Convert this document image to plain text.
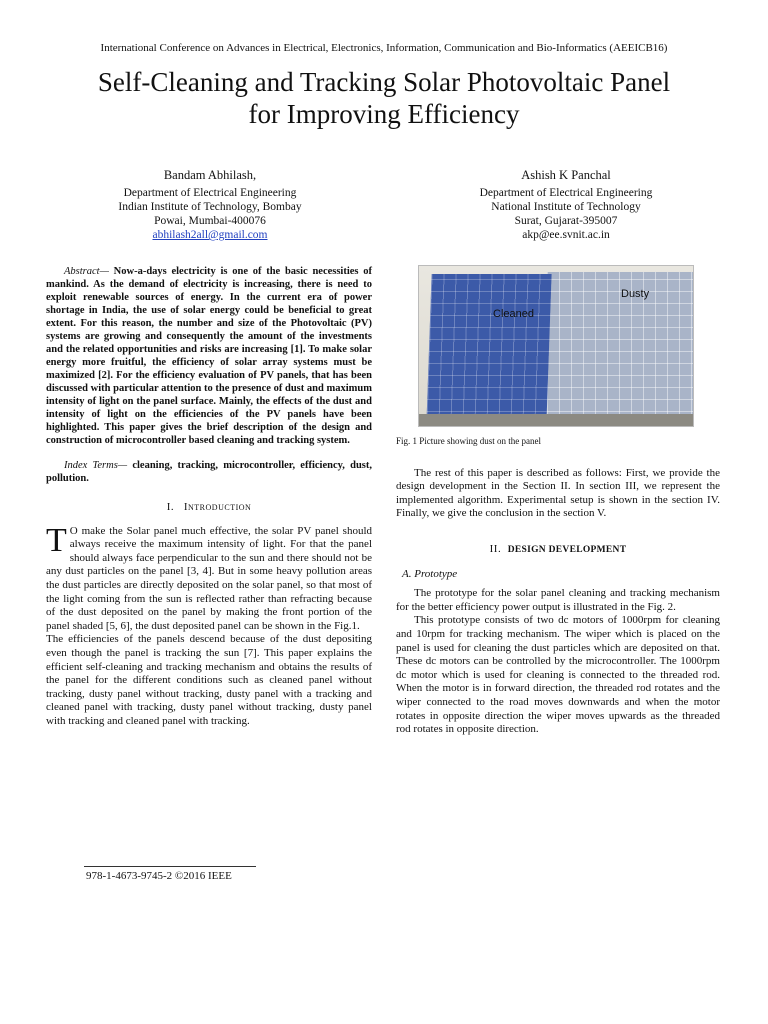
International Conference on Advances in Electrical, Electronics, Information, Communication and Bio-Informatics (AEEICB16)
Self-Cleaning and Tracking Solar Photovoltaic Panel
for Improving Efficiency
Bandam Abhilash,
Department of Electrical Engineering
Indian Institute of Technology, Bombay
Powai, Mumbai-400076
abhilash2all@gmail.com
Ashish K Panchal
Department of Electrical Engineering
National Institute of Technology
Surat, Gujarat-395007
akp@ee.svnit.ac.in

Abstract— Now-a-days electricity is one of the basic necessities of mankind. As the demand of electricity is increasing, there is need to exploit renewable sources of energy. In the current era of power shortage in India, the use of solar energy could be beneficial to great extent. For this reason, the number and size of the Photovoltaic (PV) systems are growing and consequently the amount of the investments and the related opportunities and risks are increasing [1]. To make solar energy more fruitful, the efficiency of solar array systems must be maximized [2]. For the efficiency evaluation of PV panels, that has been discussed with particular attention to the presence of dust and maximum intensity of light on the panel surface. Mainly, the effects of the dust and intensity of light on the efficiencies of the PV panels have been highlighted. This paper gives the brief description of the design and construction of microcontroller based cleaning and tracking system.

Index Terms— cleaning, tracking, microcontroller, efficiency, dust, pollution.

I. Introduction

T O make the Solar panel much effective, the solar PV panel should always receive the maximum intensity of light. For that the panel should always face perpendicular to the sun and there should not be any dust particles on the panel [3, 4]. But in some heavy pollution areas the dust particles are directly deposited on the solar panel, so that most of the light coming from the sun is reflected rather than refracting because of the dust deposited on the panel by making the front portion of the panel shaded [5, 6], the dust deposited panel can be shown in the Fig.1.

The efficiencies of the panels descend because of the dust depositing even though the panel is tracking the sun [7]. This paper explains the efficient self-cleaning and tracking mechanism and obtains the results of the panel for the different conditions such as cleaned panel without tracking, dusty panel without tracking, dusty panel with a tracking and cleaned panel with tracking, dusty panel without tracking, dusty panel with tracking and cleaned panel with tracking.

Cleaned
Dusty

Fig. 1 Picture showing dust on the panel

The rest of this paper is described as follows: First, we provide the design development in the Section II. In section III, we represent the implemented algorithm. Experimental setup is shown in the section IV. Finally, we give the conclusion in the section V.

II. DESIGN DEVELOPMENT

A. Prototype

The prototype for the solar panel cleaning and tracking mechanism for the better efficiency power output is illustrated in the Fig. 2.

This prototype consists of two dc motors of 1000rpm for cleaning and 10rpm for tracking mechanism. The wiper which is placed on the panel is used for cleaning the dust particles which are deposited on that. These dc motors can be controlled by the microcontroller. The 1000rpm dc motor which is used for cleaning is connected to the threaded rod. When the motor is in forward direction, the threaded rod rotates and the wiper connected to the road moves downwards and when the motor rotates in opposite direction the wiper moves upwards as the threaded rod rotates in opposite direction.

978-1-4673-9745-2 ©2016 IEEE
